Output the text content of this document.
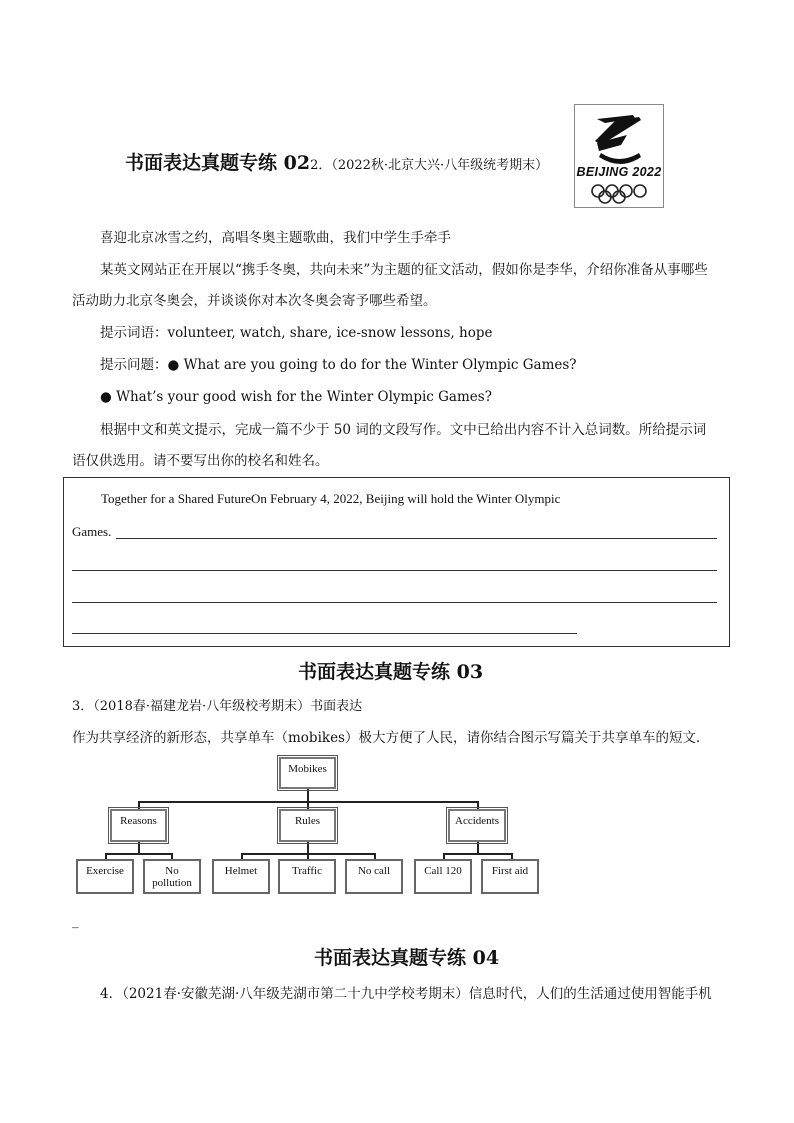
书面表达真题专练 022．（2022秋·北京大兴·八年级统考期末） BEIJING 2022
喜迎北京冰雪之约，高唱冬奥主题歌曲，我们中学生手牵手
某英文网站正在开展以“携手冬奥，共向未来”为主题的征文活动，假如你是李华，介绍你准备从事哪些
活动助力北京冬奥会，并谈谈你对本次冬奥会寄予哪些希望。
提示词语：volunteer, watch, share, ice-snow lessons, hope
提示问题：● What are you going to do for the Winter Olympic Games?
● What’s your good wish for the Winter Olympic Games?
根据中文和英文提示，完成一篇不少于 50 词的文段写作。文中已给出内容不计入总词数。所给提示词
语仅供选用。请不要写出你的校名和姓名。
Together for a Shared FutureOn February 4, 2022, Beijing will hold the Winter Olympic
Games.
书面表达真题专练 03
3．（2018春·福建龙岩·八年级校考期末）书面表达
作为共享经济的新形态，共享单车（mobikes）极大方便了人民，请你结合图示写篇关于共享单车的短文．
Mobikes
Reasons	Rules	Accidents
Exercise	No pollution
Helmet	Traffic	No call	Call 120	First aid
_
书面表达真题专练 04
4．（2021春·安徽芜湖·八年级芜湖市第二十九中学校考期末）信息时代，人们的生活通过使用智能手机
